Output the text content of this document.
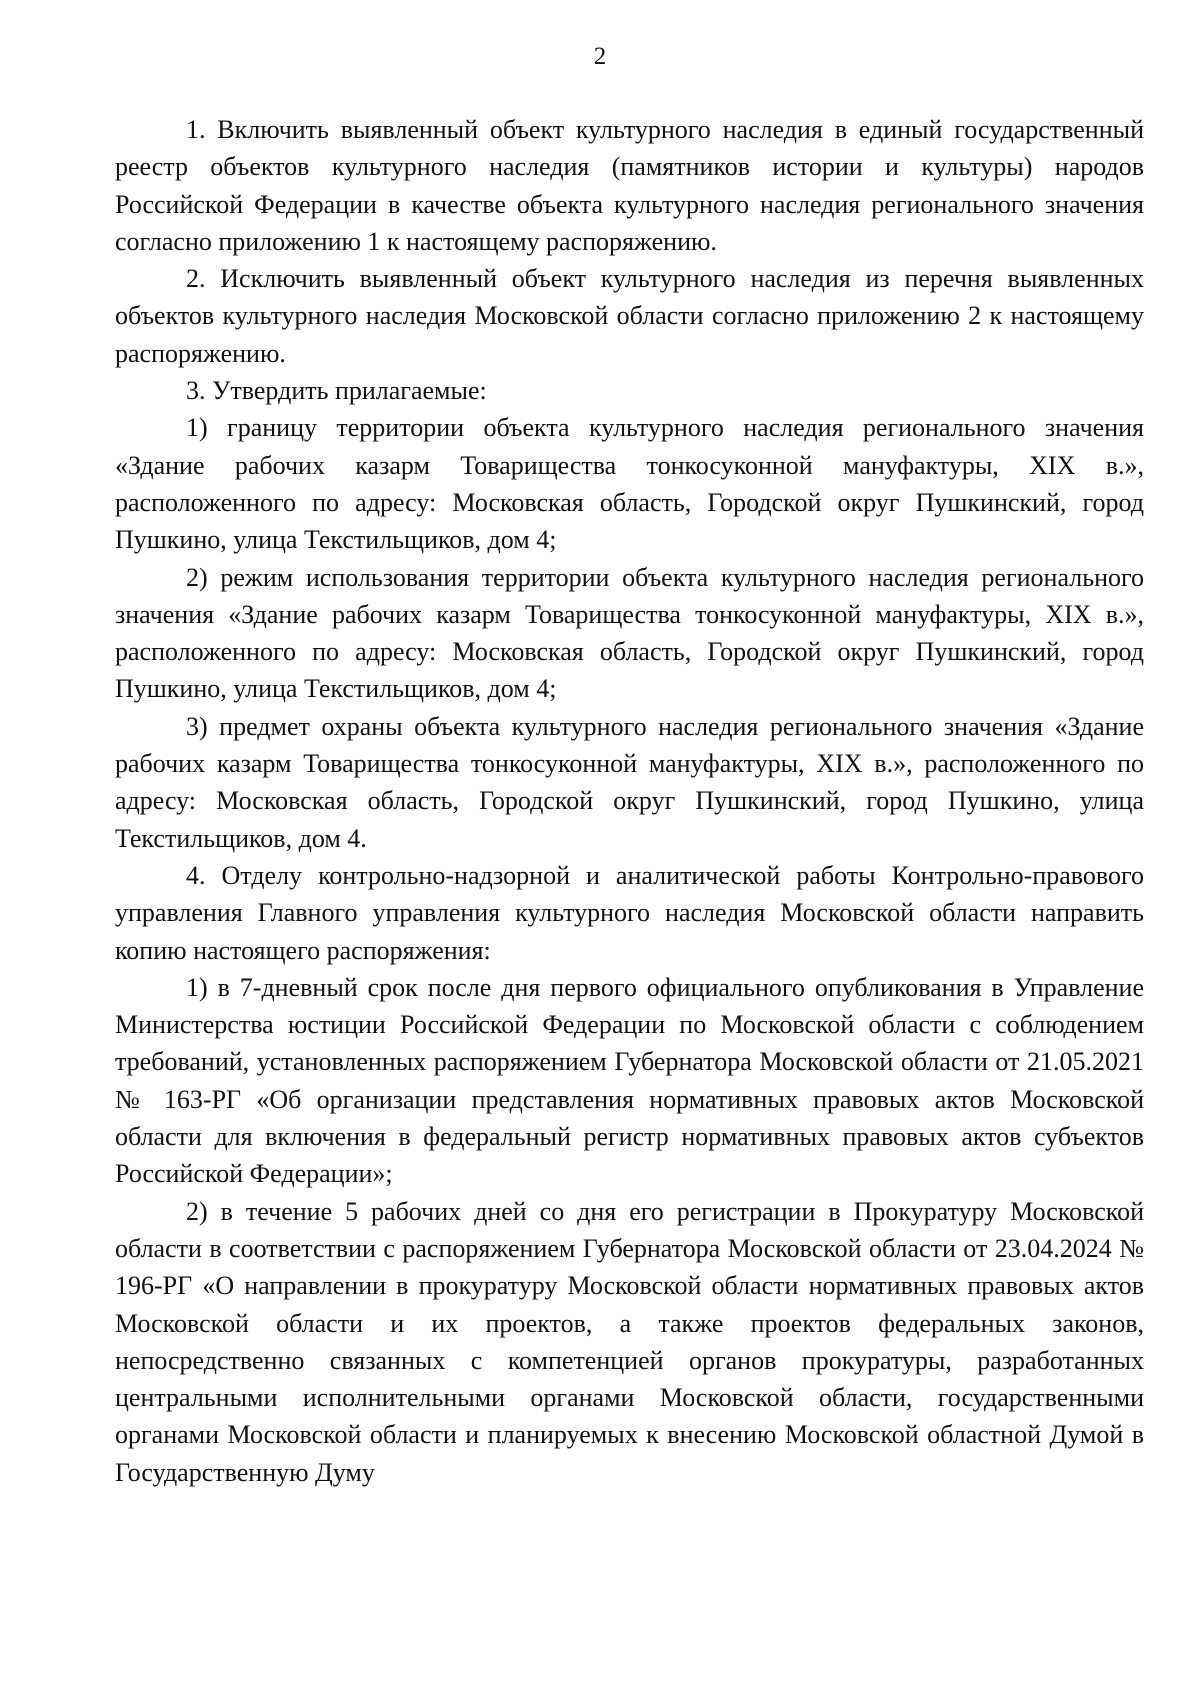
2

1. Включить выявленный объект культурного наследия в единый государственный реестр объектов культурного наследия (памятников истории и культуры) народов Российской Федерации в качестве объекта культурного наследия регионального значения согласно приложению 1 к настоящему распоряжению.

2. Исключить выявленный объект культурного наследия из перечня выявленных объектов культурного наследия Московской области согласно приложению 2 к настоящему распоряжению.

3. Утвердить прилагаемые:

1) границу территории объекта культурного наследия регионального значения «Здание рабочих казарм Товарищества тонкосуконной мануфактуры, XIX в.», расположенного по адресу: Московская область, Городской округ Пушкинский, город Пушкино, улица Текстильщиков, дом 4;

2) режим использования территории объекта культурного наследия регионального значения «Здание рабочих казарм Товарищества тонкосуконной мануфактуры, XIX в.», расположенного по адресу: Московская область, Городской округ Пушкинский, город Пушкино, улица Текстильщиков, дом 4;

3) предмет охраны объекта культурного наследия регионального значения «Здание рабочих казарм Товарищества тонкосуконной мануфактуры, XIX в.», расположенного по адресу: Московская область, Городской округ Пушкинский, город Пушкино, улица Текстильщиков, дом 4.

4. Отделу контрольно-надзорной и аналитической работы Контрольно-правового управления Главного управления культурного наследия Московской области направить копию настоящего распоряжения:

1) в 7-дневный срок после дня первого официального опубликования в Управление Министерства юстиции Российской Федерации по Московской области с соблюдением требований, установленных распоряжением Губернатора Московской области от 21.05.2021 № 163-РГ «Об организации представления нормативных правовых актов Московской области для включения в федеральный регистр нормативных правовых актов субъектов Российской Федерации»;

2) в течение 5 рабочих дней со дня его регистрации в Прокуратуру Московской области в соответствии с распоряжением Губернатора Московской области от 23.04.2024 № 196-РГ «О направлении в прокуратуру Московской области нормативных правовых актов Московской области и их проектов, а также проектов федеральных законов, непосредственно связанных с компетенцией органов прокуратуры, разработанных центральными исполнительными органами Московской области, государственными органами Московской области и планируемых к внесению Московской областной Думой в Государственную Думу
